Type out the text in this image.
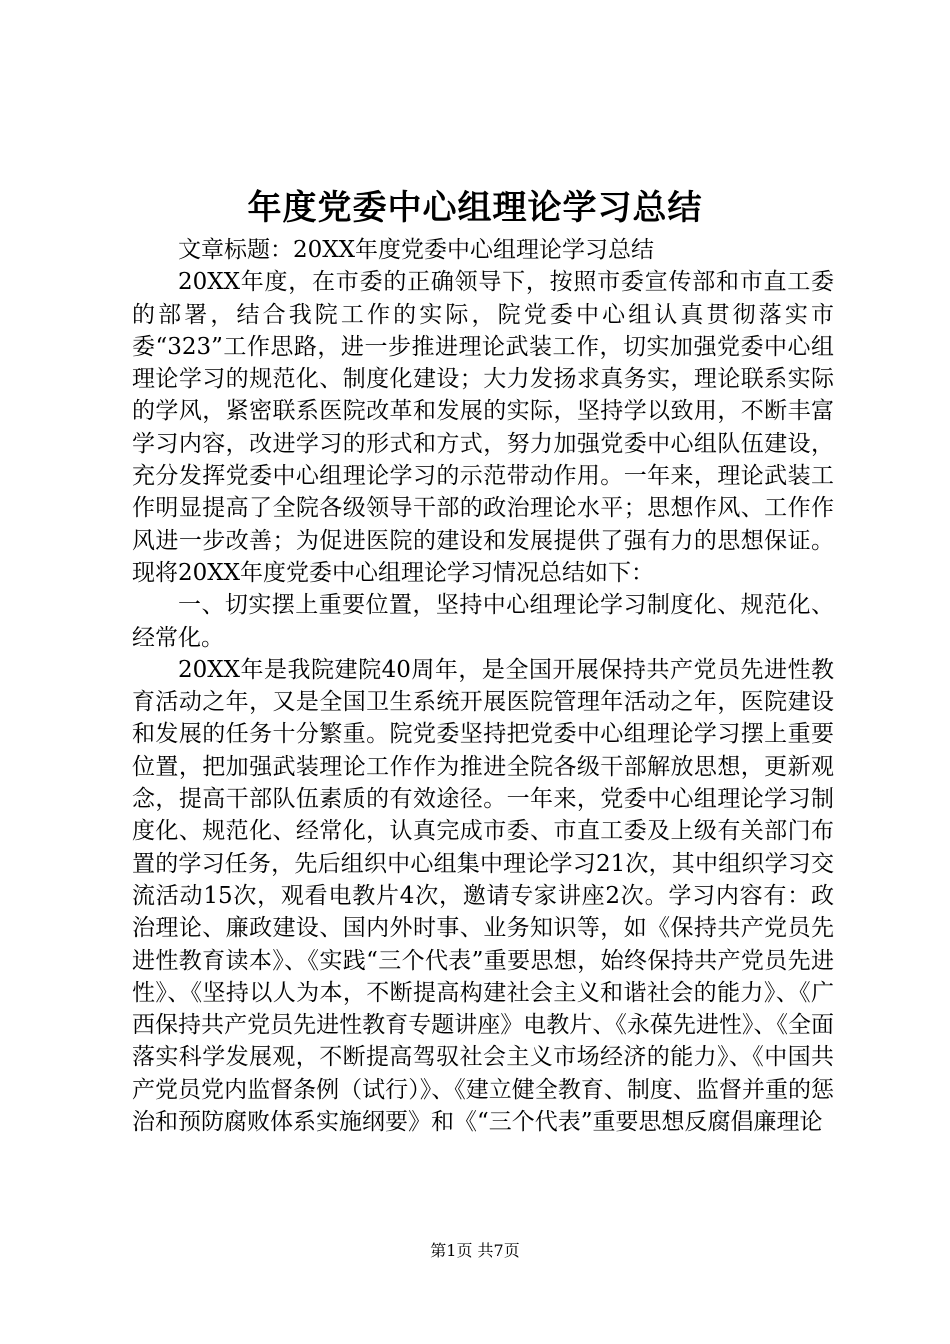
年度党委中心组理论学习总结

文章标题：20XX年度党委中心组理论学习总结

20XX年度，在市委的正确领导下，按照市委宣传部和市直工委的部署，结合我院工作的实际，院党委中心组认真贯彻落实市委“323”工作思路，进一步推进理论武装工作，切实加强党委中心组理论学习的规范化、制度化建设；大力发扬求真务实，理论联系实际的学风，紧密联系医院改革和发展的实际，坚持学以致用，不断丰富学习内容，改进学习的形式和方式，努力加强党委中心组队伍建设，充分发挥党委中心组理论学习的示范带动作用。一年来，理论武装工作明显提高了全院各级领导干部的政治理论水平；思想作风、工作作风进一步改善；为促进医院的建设和发展提供了强有力的思想保证。现将20XX年度党委中心组理论学习情况总结如下：

一、切实摆上重要位置，坚持中心组理论学习制度化、规范化、经常化。

20XX年是我院建院40周年，是全国开展保持共产党员先进性教育活动之年，又是全国卫生系统开展医院管理年活动之年，医院建设和发展的任务十分繁重。院党委坚持把党委中心组理论学习摆上重要位置，把加强武装理论工作作为推进全院各级干部解放思想，更新观念，提高干部队伍素质的有效途径。一年来，党委中心组理论学习制度化、规范化、经常化，认真完成市委、市直工委及上级有关部门布置的学习任务，先后组织中心组集中理论学习21次，其中组织学习交流活动15次，观看电教片4次，邀请专家讲座2次。学习内容有：政治理论、廉政建设、国内外时事、业务知识等，如《保持共产党员先进性教育读本》、《实践“三个代表”重要思想，始终保持共产党员先进性》、《坚持以人为本，不断提高构建社会主义和谐社会的能力》、《广西保持共产党员先进性教育专题讲座》电教片、《永葆先进性》、《全面落实科学发展观，不断提高驾驭社会主义市场经济的能力》、《中国共产党员党内监督条例（试行）》、《建立健全教育、制度、监督并重的惩治和预防腐败体系实施纲要》和《“三个代表”重要思想反腐倡廉理论

第1页 共7页
